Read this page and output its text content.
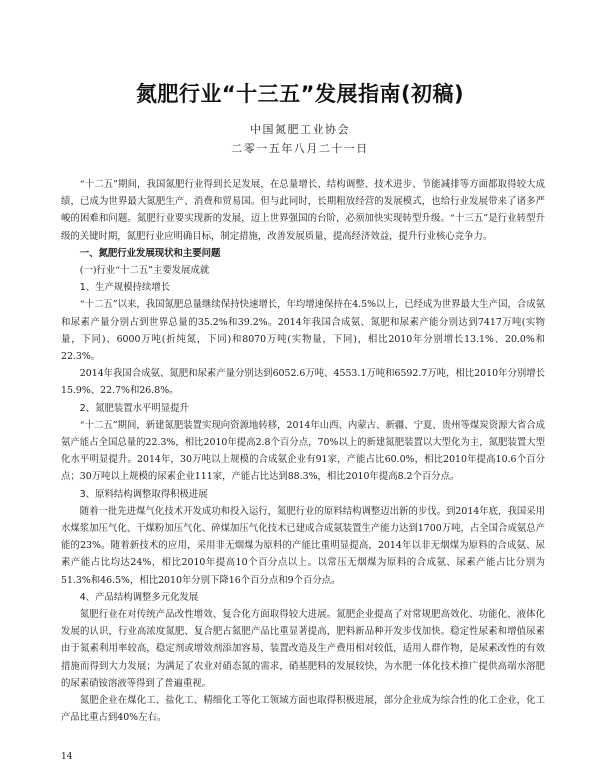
氮肥行业“十三五”发展指南(初稿)
中国氮肥工业协会
二零一五年八月二十一日

“十二五”期间，我国氮肥行业得到长足发展，在总量增长、结构调整、技术进步、节能减排等方面都取得较大成绩，已成为世界最大氮肥生产、消费和贸易国。但与此同时，长期粗放经营的发展模式，也给行业发展带来了诸多严峻的困难和问题。氮肥行业要实现新的发展，迈上世界强国的台阶，必须加快实现转型升级。“十三五”是行业转型升级的关键时期，氮肥行业应明确目标，制定措施，改善发展质量，提高经济效益，提升行业核心竞争力。

一、氮肥行业发展现状和主要问题

(一)行业“十二五”主要发展成就

1、生产规模持续增长

“十二五”以来，我国氮肥总量继续保持快速增长，年均增速保持在4.5%以上，已经成为世界最大生产国，合成氨和尿素产量分别占到世界总量的35.2%和39.2%。2014年我国合成氨、氮肥和尿素产能分别达到7417万吨(实物量，下同)、6000万吨(折纯氮，下同)和8070万吨(实物量，下同)，相比2010年分别增长13.1%、20.0%和22.3%。

2014年我国合成氨、氮肥和尿素产量分别达到6052.6万吨、4553.1万吨和6592.7万吨，相比2010年分别增长15.9%、22.7%和26.8%。

2、氮肥装置水平明显提升

“十二五”期间，新建氮肥装置实现向资源地转移，2014年山西、内蒙古、新疆、宁夏、贵州等煤炭资源大省合成氨产能占全国总量的22.3%，相比2010年提高2.8个百分点，70%以上的新建氮肥装置以大型化为主，氮肥装置大型化水平明显提升。2014年，30万吨以上规模的合成氨企业有91家，产能占比60.0%，相比2010年提高10.6个百分点；30万吨以上规模的尿素企业111家，产能占比达到88.3%，相比2010年提高8.2个百分点。

3、原料结构调整取得积极进展

随着一批先进煤气化技术开发成功和投入运行，氮肥行业的原料结构调整迈出新的步伐。到2014年底，我国采用水煤浆加压气化、干煤粉加压气化、碎煤加压气化技术已建成合成氨装置生产能力达到1700万吨，占全国合成氨总产能的23%。随着新技术的应用，采用非无烟煤为原料的产能比重明显提高，2014年以非无烟煤为原料的合成氨、尿素产能占比均达24%，相比2010年提高10个百分点以上。以常压无烟煤为原料的合成氨、尿素产能占比分别为51.3%和46.5%，相比2010年分别下降16个百分点和9个百分点。

4、产品结构调整多元化发展

氮肥行业在对传统产品改性增效、复合化方面取得较大进展。氮肥企业提高了对常规肥高效化、功能化、液体化发展的认识，行业高浓度氮肥、复合肥占氮肥产品比重显著提高，肥料新品种开发步伐加快。稳定性尿素和增值尿素由于氮素利用率较高，稳定剂或增效剂添加容易，装置改造及生产费用相对较低，适用人群作物，是尿素改性的有效措施而得到大力发展；为满足了农业对硝态氮的需求，硝基肥料的发展较快，为水肥一体化技术推广提供高端水溶肥的尿素硝铵溶液等得到了普遍重视。

氮肥企业在煤化工、盐化工、精细化工等化工领域方面也取得积极进展，部分企业成为综合性的化工企业，化工产品比重占到40%左右。

14
